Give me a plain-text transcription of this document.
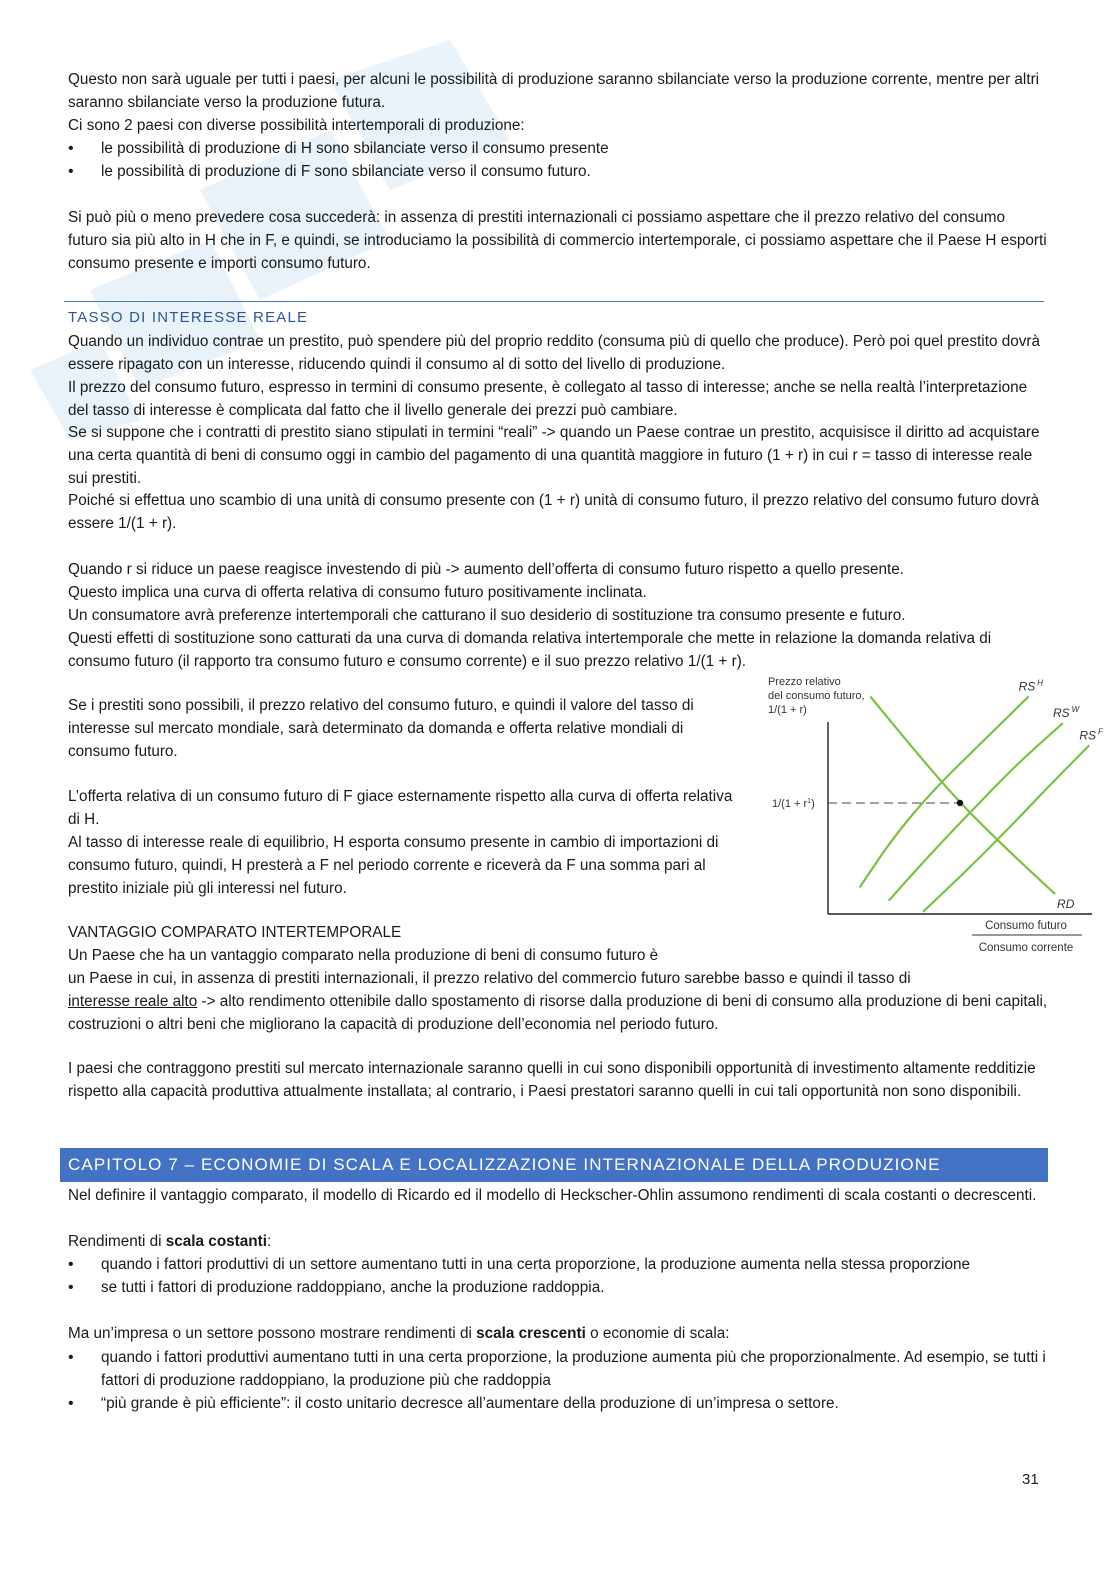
Questo non sarà uguale per tutti i paesi, per alcuni le possibilità di produzione saranno sbilanciate verso la produzione corrente, mentre per altri saranno sbilanciate verso la produzione futura.

Ci sono 2 paesi con diverse possibilità intertemporali di produzione:

• le possibilità di produzione di H sono sbilanciate verso il consumo presente
• le possibilità di produzione di F sono sbilanciate verso il consumo futuro.

Si può più o meno prevedere cosa succederà: in assenza di prestiti internazionali ci possiamo aspettare che il prezzo relativo del consumo futuro sia più alto in H che in F, e quindi, se introduciamo la possibilità di commercio intertemporale, ci possiamo aspettare che il Paese H esporti consumo presente e importi consumo futuro.

TASSO DI INTERESSE REALE

Quando un individuo contrae un prestito, può spendere più del proprio reddito (consuma più di quello che produce). Però poi quel prestito dovrà essere ripagato con un interesse, riducendo quindi il consumo al di sotto del livello di produzione.

Il prezzo del consumo futuro, espresso in termini di consumo presente, è collegato al tasso di interesse; anche se nella realtà l’interpretazione del tasso di interesse è complicata dal fatto che il livello generale dei prezzi può cambiare.

Se si suppone che i contratti di prestito siano stipulati in termini “reali” -> quando un Paese contrae un prestito, acquisisce il diritto ad acquistare una certa quantità di beni di consumo oggi in cambio del pagamento di una quantità maggiore in futuro (1 + r) in cui r = tasso di interesse reale sui prestiti.

Poiché si effettua uno scambio di una unità di consumo presente con (1 + r) unità di consumo futuro, il prezzo relativo del consumo futuro dovrà essere 1/(1 + r).

Quando r si riduce un paese reagisce investendo di più -> aumento dell’offerta di consumo futuro rispetto a quello presente.

Questo implica una curva di offerta relativa di consumo futuro positivamente inclinata.

Un consumatore avrà preferenze intertemporali che catturano il suo desiderio di sostituzione tra consumo presente e futuro.

Questi effetti di sostituzione sono catturati da una curva di domanda relativa intertemporale che mette in relazione la domanda relativa di consumo futuro (il rapporto tra consumo futuro e consumo corrente) e il suo prezzo relativo 1/(1 + r).

Se i prestiti sono possibili, il prezzo relativo del consumo futuro, e quindi il valore del tasso di interesse sul mercato mondiale, sarà determinato da domanda e offerta relative mondiali di consumo futuro.

L’offerta relativa di un consumo futuro di F giace esternamente rispetto alla curva di offerta relativa di H.

Al tasso di interesse reale di equilibrio, H esporta consumo presente in cambio di importazioni di consumo futuro, quindi, H presterà a F nel periodo corrente e riceverà da F una somma pari al prestito iniziale più gli interessi nel futuro.

VANTAGGIO COMPARATO INTERTEMPORALE

Un Paese che ha un vantaggio comparato nella produzione di beni di consumo futuro è

un Paese in cui, in assenza di prestiti internazionali, il prezzo relativo del commercio futuro sarebbe basso e quindi il tasso di
interesse reale alto -> alto rendimento ottenibile dallo spostamento di risorse dalla produzione di beni di consumo alla produzione di beni capitali, costruzioni o altri beni che migliorano la capacità di produzione dell’economia nel periodo futuro.

I paesi che contraggono prestiti sul mercato internazionale saranno quelli in cui sono disponibili opportunità di investimento altamente redditizie rispetto alla capacità produttiva attualmente installata; al contrario, i Paesi prestatori saranno quelli in cui tali opportunità non sono disponibili.

Prezzo relativo
del consumo futuro,
1/(1 + r)
RS $^H$
RS $^W$
RS $^F$
RD
$1/(1 + r^1)$
Consumo futuro
Consumo corrente
CAPITOLO 7 – ECONOMIE DI SCALA E LOCALIZZAZIONE INTERNAZIONALE DELLA PRODUZIONE

Nel definire il vantaggio comparato, il modello di Ricardo ed il modello di Heckscher-Ohlin assumono rendimenti di scala costanti o decrescenti.

Rendimenti di scala costanti:

• quando i fattori produttivi di un settore aumentano tutti in una certa proporzione, la produzione aumenta nella stessa proporzione
• se tutti i fattori di produzione raddoppiano, anche la produzione raddoppia.

Ma un’impresa o un settore possono mostrare rendimenti di scala crescenti o economie di scala:

• quando i fattori produttivi aumentano tutti in una certa proporzione, la produzione aumenta più che proporzionalmente. Ad esempio, se tutti i fattori di produzione raddoppiano, la produzione più che raddoppia
• “più grande è più efficiente”: il costo unitario decresce all’aumentare della produzione di un’impresa o settore.
31
